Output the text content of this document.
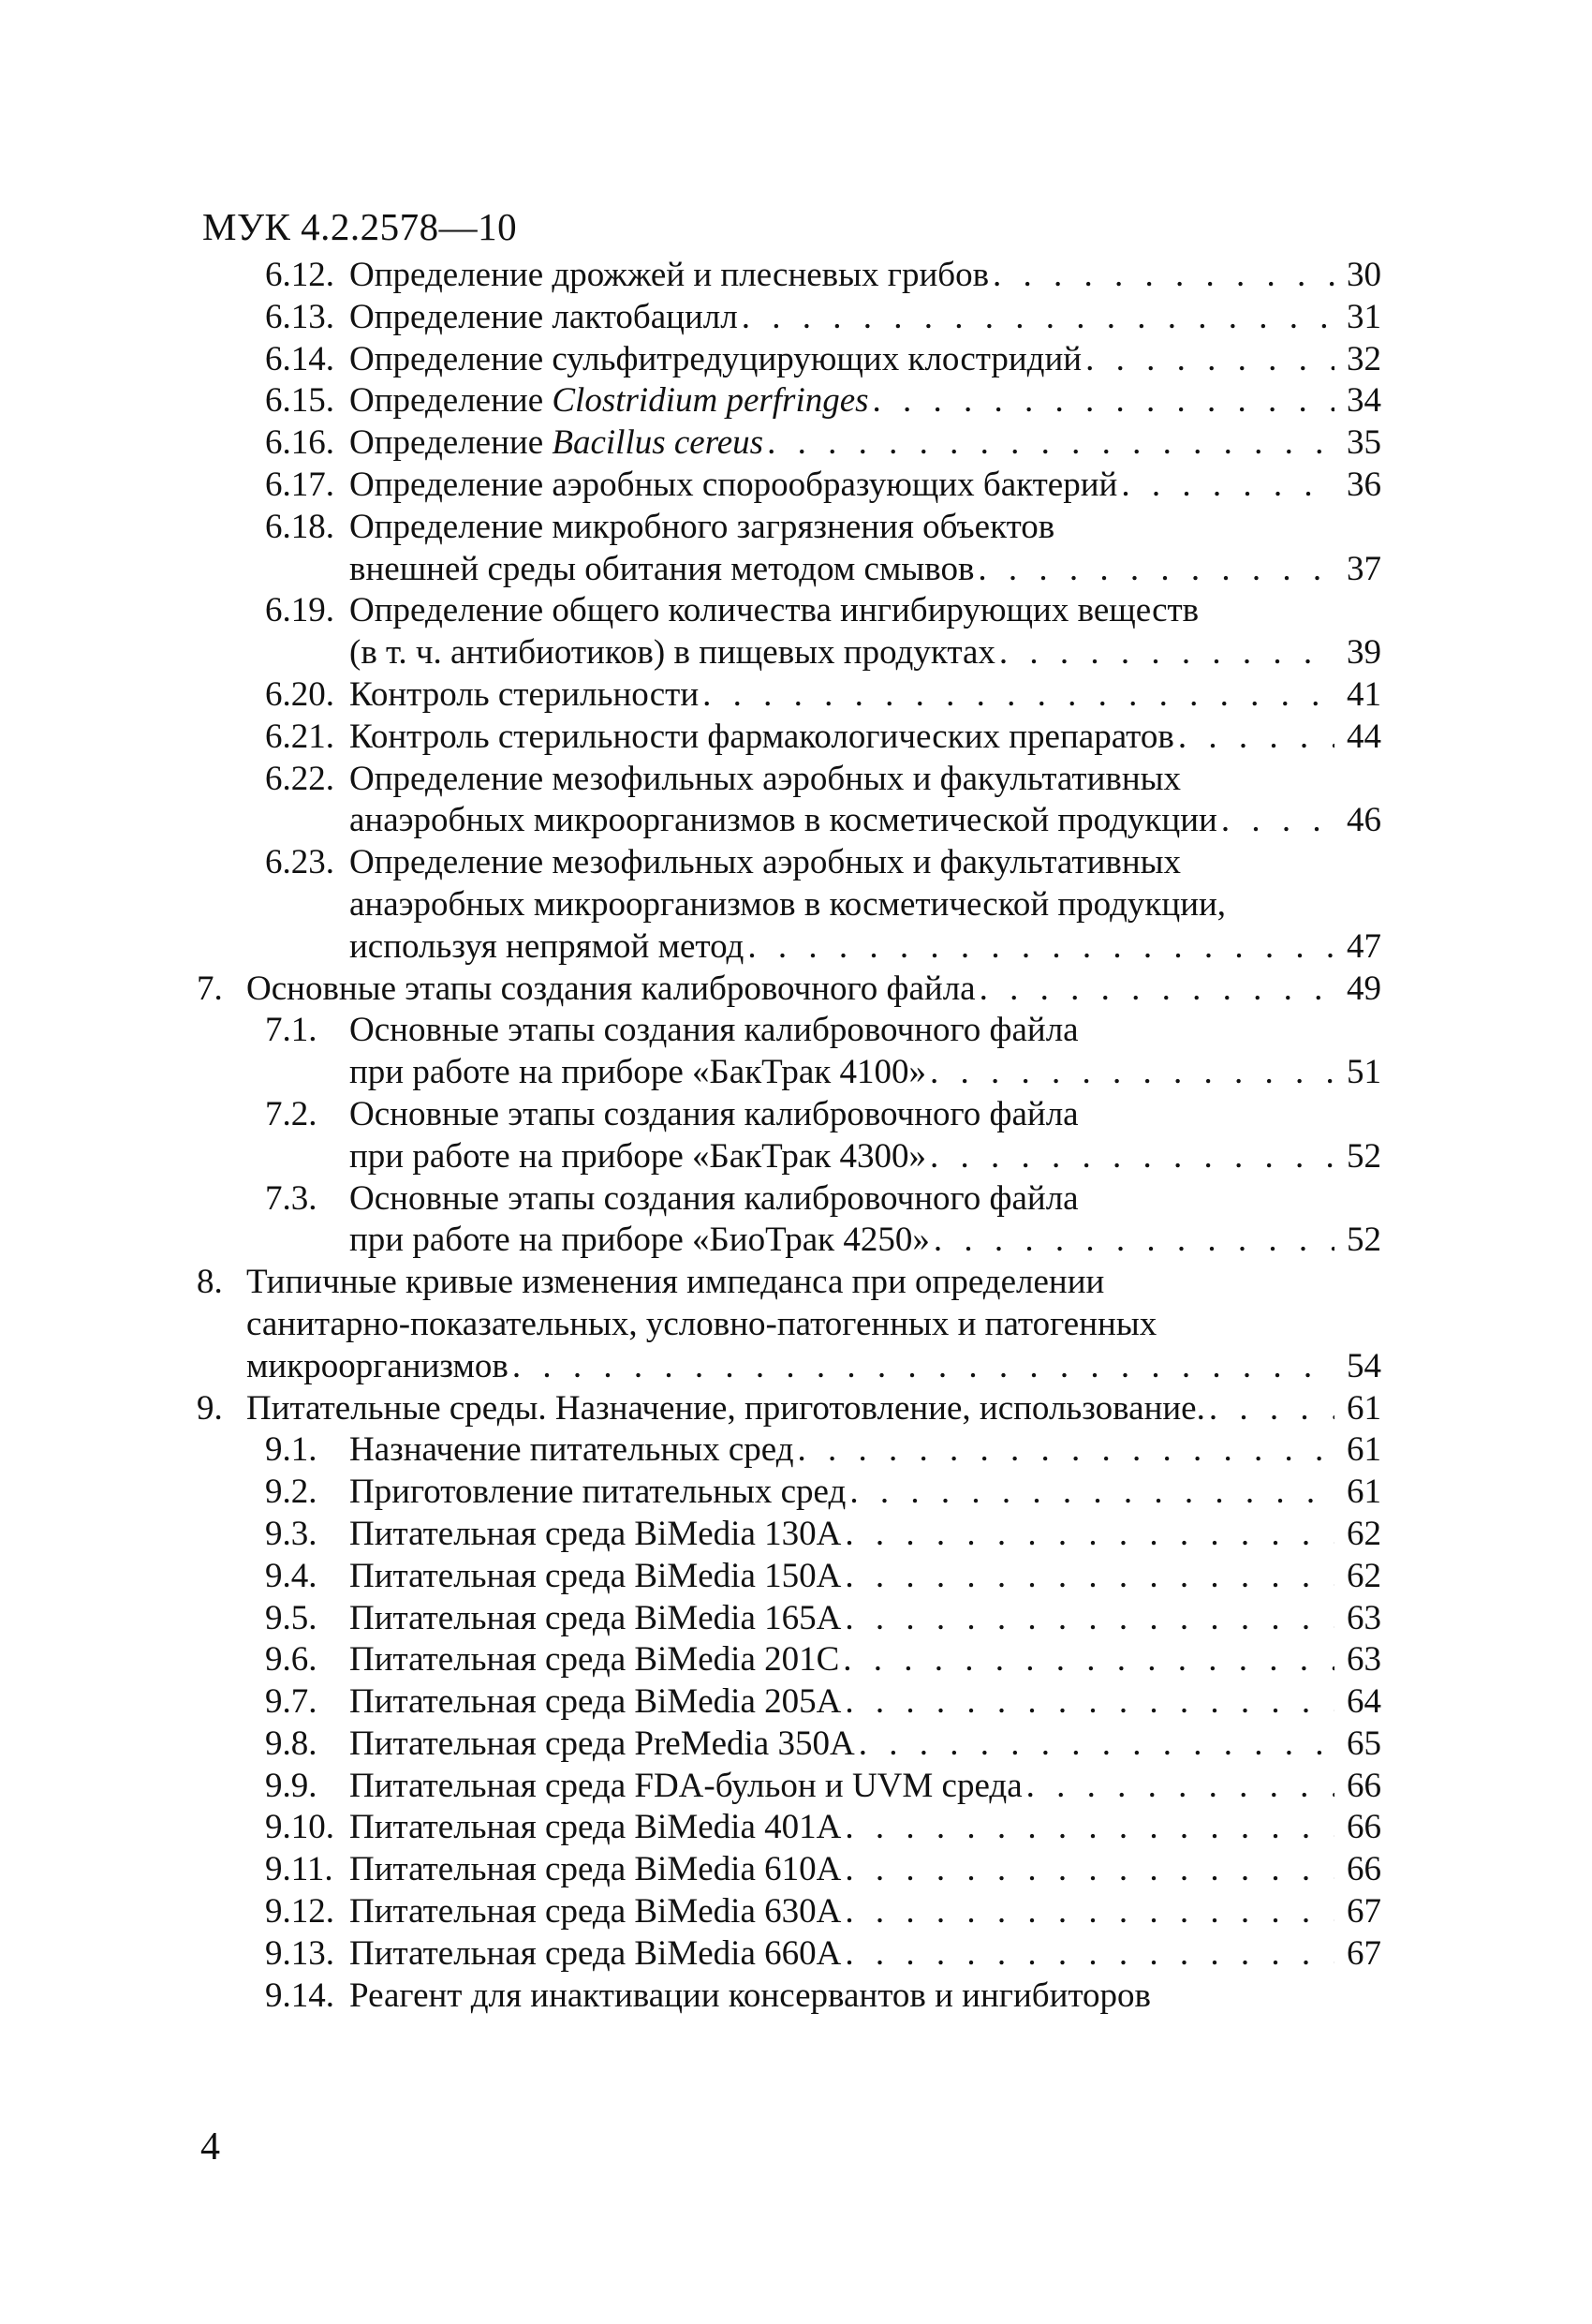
МУК 4.2.2578—10

6.12. Определение дрожжей и плесневых грибов . . .	30
6.13. Определение лактобацилл . . .	31
6.14. Определение сульфитредуцирующих клостридий . . .	32
6.15. Определение Clostridium perfringes . . .	34
6.16. Определение Bacillus cereus . . .	35
6.17. Определение аэробных спорообразующих бактерий . . .	36
6.18. Определение микробного загрязнения объектов
внешней среды обитания методом смывов . . .	37
6.19. Определение общего количества ингибирующих веществ
(в т. ч. антибиотиков) в пищевых продуктах . . .	39
6.20. Контроль стерильности . . .	41
6.21. Контроль стерильности фармакологических препаратов . . .	44
6.22. Определение мезофильных аэробных и факультативных
анаэробных микроорганизмов в косметической продукции . . .	46
6.23. Определение мезофильных аэробных и факультативных
анаэробных микроорганизмов в косметической продукции,
используя непрямой метод . . .	47
7. Основные этапы создания калибровочного файла . . .	49
7.1. Основные этапы создания калибровочного файла
при работе на приборе «БакТрак 4100» . . .	51
7.2. Основные этапы создания калибровочного файла
при работе на приборе «БакТрак 4300» . . .	52
7.3. Основные этапы создания калибровочного файла
при работе на приборе «БиоТрак 4250» . . .	52
8. Типичные кривые изменения импеданса при определении
санитарно-показательных, условно-патогенных и патогенных
микроорганизмов . . .	54
9. Питательные среды. Назначение, приготовление, использование. . . .	61
9.1. Назначение питательных сред . . .	61
9.2. Приготовление питательных сред . . .	61
9.3. Питательная среда BiMedia 130A . . .	62
9.4. Питательная среда BiMedia 150A . . .	62
9.5. Питательная среда BiMedia 165A . . .	63
9.6. Питательная среда BiMedia 201C . . .	63
9.7. Питательная среда BiMedia 205A . . .	64
9.8. Питательная среда PreMedia 350A . . .	65
9.9. Питательная среда FDA-бульон и UVM среда . . .	66
9.10. Питательная среда BiMedia 401A . . .	66
9.11. Питательная среда BiMedia 610A . . .	66
9.12. Питательная среда BiMedia 630A . . .	67
9.13. Питательная среда BiMedia 660A . . .	67
9.14. Реагент для инактивации консервантов и ингибиторов

4
